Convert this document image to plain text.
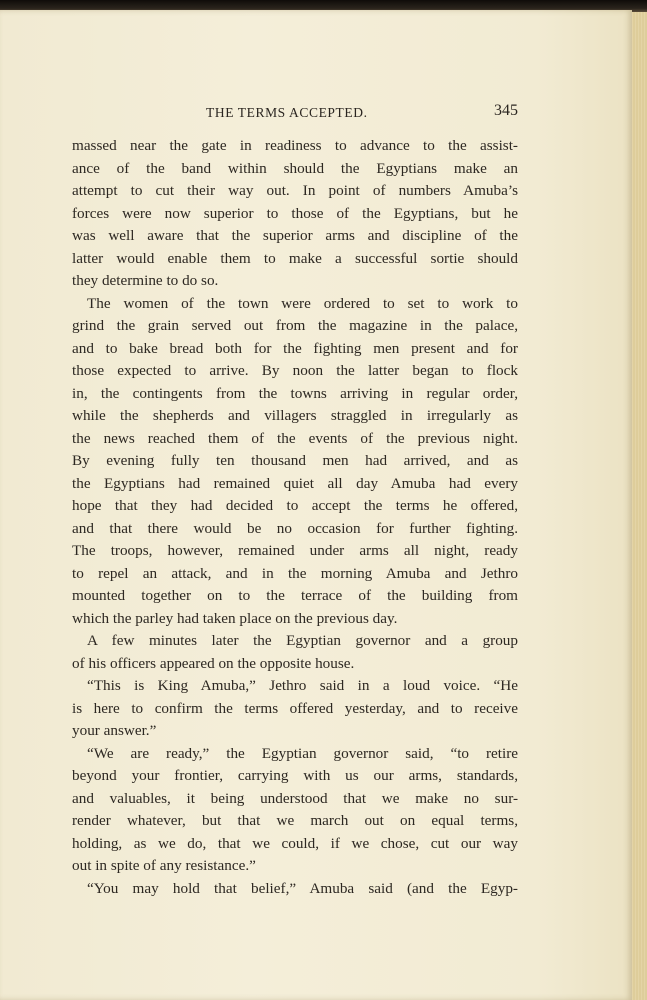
THE TERMS ACCEPTED.	345
massed near the gate in readiness to advance to the assist-
ance of the band within should the Egyptians make an
attempt to cut their way out. In point of numbers Amuba’s
forces were now superior to those of the Egyptians, but he
was well aware that the superior arms and discipline of the
latter would enable them to make a successful sortie should
they determine to do so.
The women of the town were ordered to set to work to
grind the grain served out from the magazine in the palace,
and to bake bread both for the fighting men present and for
those expected to arrive. By noon the latter began to flock
in, the contingents from the towns arriving in regular order,
while the shepherds and villagers straggled in irregularly as
the news reached them of the events of the previous night.
By evening fully ten thousand men had arrived, and as
the Egyptians had remained quiet all day Amuba had every
hope that they had decided to accept the terms he offered,
and that there would be no occasion for further fighting.
The troops, however, remained under arms all night, ready
to repel an attack, and in the morning Amuba and Jethro
mounted together on to the terrace of the building from
which the parley had taken place on the previous day.
A few minutes later the Egyptian governor and a group
of his officers appeared on the opposite house.
“This is King Amuba,” Jethro said in a loud voice. “He
is here to confirm the terms offered yesterday, and to receive
your answer.”
“We are ready,” the Egyptian governor said, “to retire
beyond your frontier, carrying with us our arms, standards,
and valuables, it being understood that we make no sur-
render whatever, but that we march out on equal terms,
holding, as we do, that we could, if we chose, cut our way
out in spite of any resistance.”
“You may hold that belief,” Amuba said (and the Egyp-
